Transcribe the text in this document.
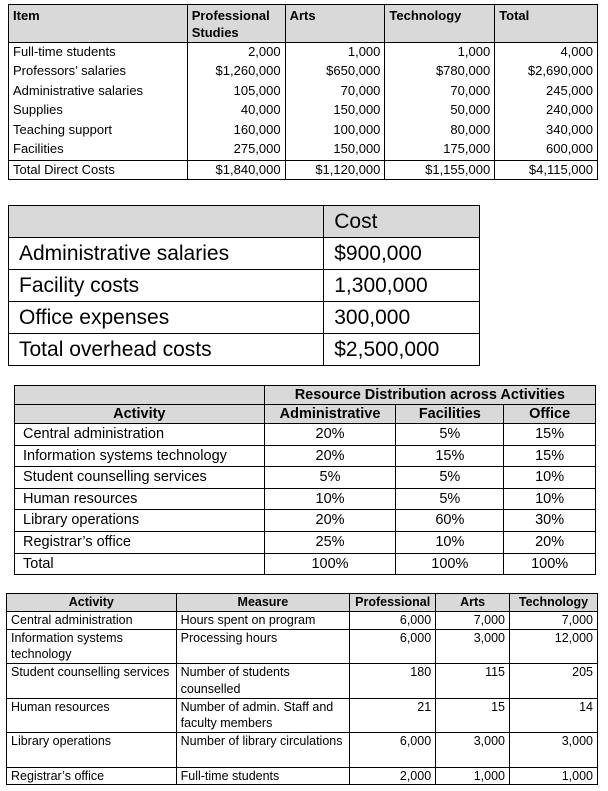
Item	Professional Studies	Arts	Technology	Total
Full-time students	2,000	1,000	1,000	4,000
Professors’ salaries	$1,260,000	$650,000	$780,000	$2,690,000
Administrative salaries	105,000	70,000	70,000	245,000
Supplies	40,000	150,000	50,000	240,000
Teaching support	160,000	100,000	80,000	340,000
Facilities	275,000	150,000	175,000	600,000
Total Direct Costs	$1,840,000	$1,120,000	$1,155,000	$4,115,000
	Cost
Administrative salaries	$900,000
Facility costs	1,300,000
Office expenses	300,000
Total overhead costs	$2,500,000
	Resource Distribution across Activities		
Activity	Administrative	Facilities	Office
Central administration	20%	5%	15%
Information systems technology	20%	15%	15%
Student counselling services	5%	5%	10%
Human resources	10%	5%	10%
Library operations	20%	60%	30%
Registrar’s office	25%	10%	20%
Total	100%	100%	100%
Activity	Measure	Professional	Arts	Technology
Central administration	Hours spent on program	6,000	7,000	7,000
Information systems technology	Processing hours	6,000	3,000	12,000
Student counselling services	Number of students counselled	180	115	205
Human resources	Number of admin. Staff and faculty members	21	15	14
Library operations	Number of library circulations	6,000	3,000	3,000
Registrar’s office	Full-time students	2,000	1,000	1,000
